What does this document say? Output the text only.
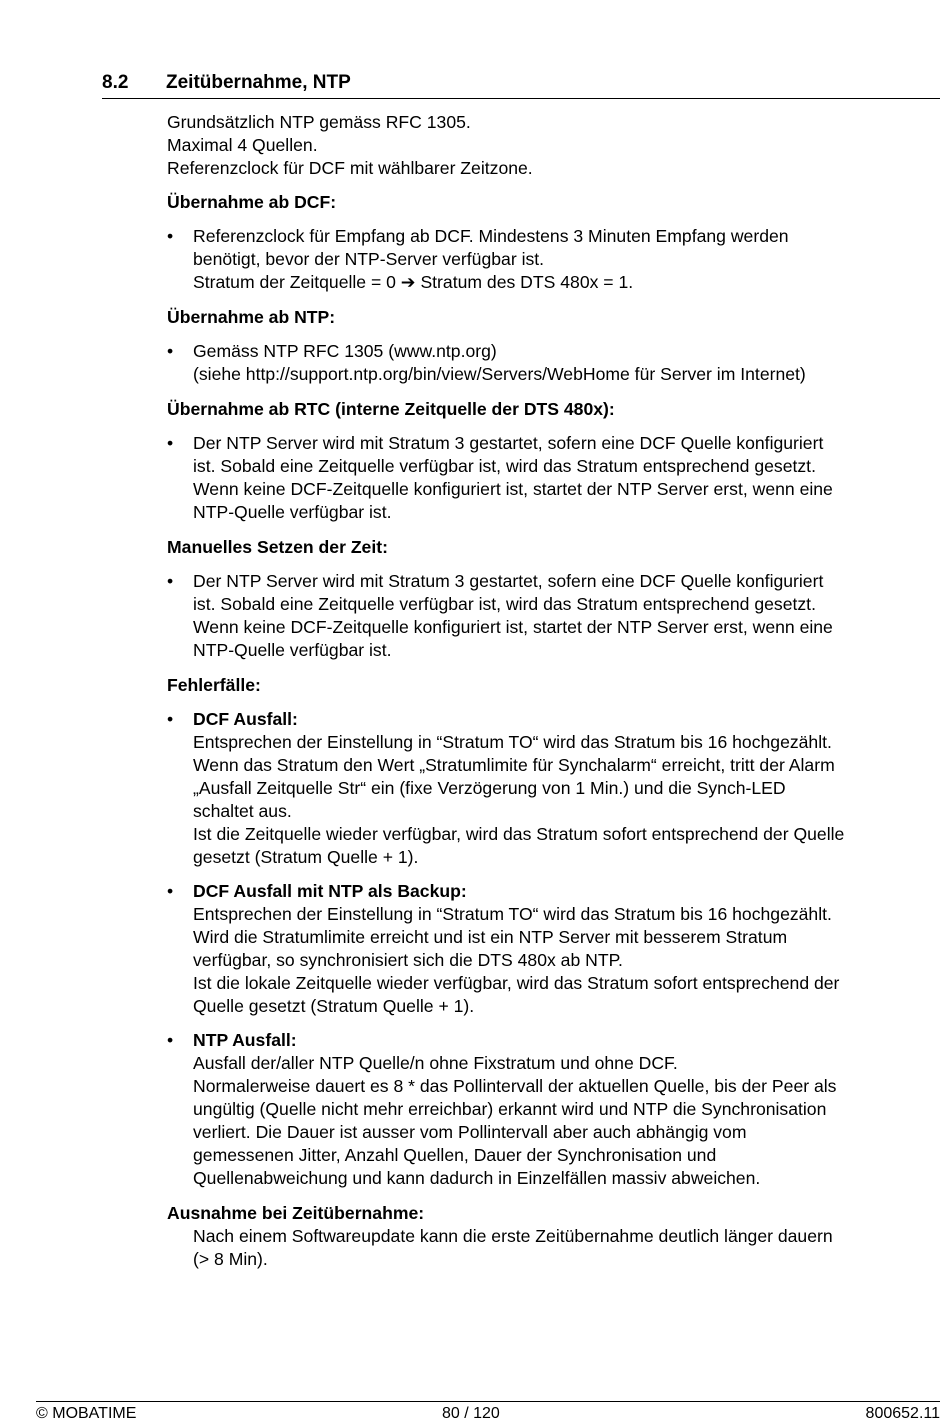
8.2 Zeitübernahme, NTP
Grundsätzlich NTP gemäss RFC 1305.
Maximal 4 Quellen.
Referenzclock für DCF mit wählbarer Zeitzone.
Übernahme ab DCF:
•	Referenzclock für Empfang ab DCF. Mindestens 3 Minuten Empfang werden
benötigt, bevor der NTP-Server verfügbar ist.
Stratum der Zeitquelle = 0 ➔ Stratum des DTS 480x = 1.
Übernahme ab NTP:
•	Gemäss NTP RFC 1305 (www.ntp.org)
(siehe http://support.ntp.org/bin/view/Servers/WebHome für Server im Internet)
Übernahme ab RTC (interne Zeitquelle der DTS 480x):
•	Der NTP Server wird mit Stratum 3 gestartet, sofern eine DCF Quelle konfiguriert
ist. Sobald eine Zeitquelle verfügbar ist, wird das Stratum entsprechend gesetzt.
Wenn keine DCF-Zeitquelle konfiguriert ist, startet der NTP Server erst, wenn eine
NTP-Quelle verfügbar ist.
Manuelles Setzen der Zeit:
•	Der NTP Server wird mit Stratum 3 gestartet, sofern eine DCF Quelle konfiguriert
ist. Sobald eine Zeitquelle verfügbar ist, wird das Stratum entsprechend gesetzt.
Wenn keine DCF-Zeitquelle konfiguriert ist, startet der NTP Server erst, wenn eine
NTP-Quelle verfügbar ist.
Fehlerfälle:
•	DCF Ausfall:
Entsprechen der Einstellung in “Stratum TO“ wird das Stratum bis 16 hochgezählt.
Wenn das Stratum den Wert „Stratumlimite für Synchalarm“ erreicht, tritt der Alarm
„Ausfall Zeitquelle Str“ ein (fixe Verzögerung von 1 Min.) und die Synch-LED
schaltet aus.
Ist die Zeitquelle wieder verfügbar, wird das Stratum sofort entsprechend der Quelle
gesetzt (Stratum Quelle + 1).
•	DCF Ausfall mit NTP als Backup:
Entsprechen der Einstellung in “Stratum TO“ wird das Stratum bis 16 hochgezählt.
Wird die Stratumlimite erreicht und ist ein NTP Server mit besserem Stratum
verfügbar, so synchronisiert sich die DTS 480x ab NTP.
Ist die lokale Zeitquelle wieder verfügbar, wird das Stratum sofort entsprechend der
Quelle gesetzt (Stratum Quelle + 1).
•	NTP Ausfall:
Ausfall der/aller NTP Quelle/n ohne Fixstratum und ohne DCF.
Normalerweise dauert es 8 * das Pollintervall der aktuellen Quelle, bis der Peer als
ungültig (Quelle nicht mehr erreichbar) erkannt wird und NTP die Synchronisation
verliert. Die Dauer ist ausser vom Pollintervall aber auch abhängig vom
gemessenen Jitter, Anzahl Quellen, Dauer der Synchronisation und
Quellenabweichung und kann dadurch in Einzelfällen massiv abweichen.
Ausnahme bei Zeitübernahme:
Nach einem Softwareupdate kann die erste Zeitübernahme deutlich länger dauern
(> 8 Min).
© MOBATIME	80 / 120	800652.11
